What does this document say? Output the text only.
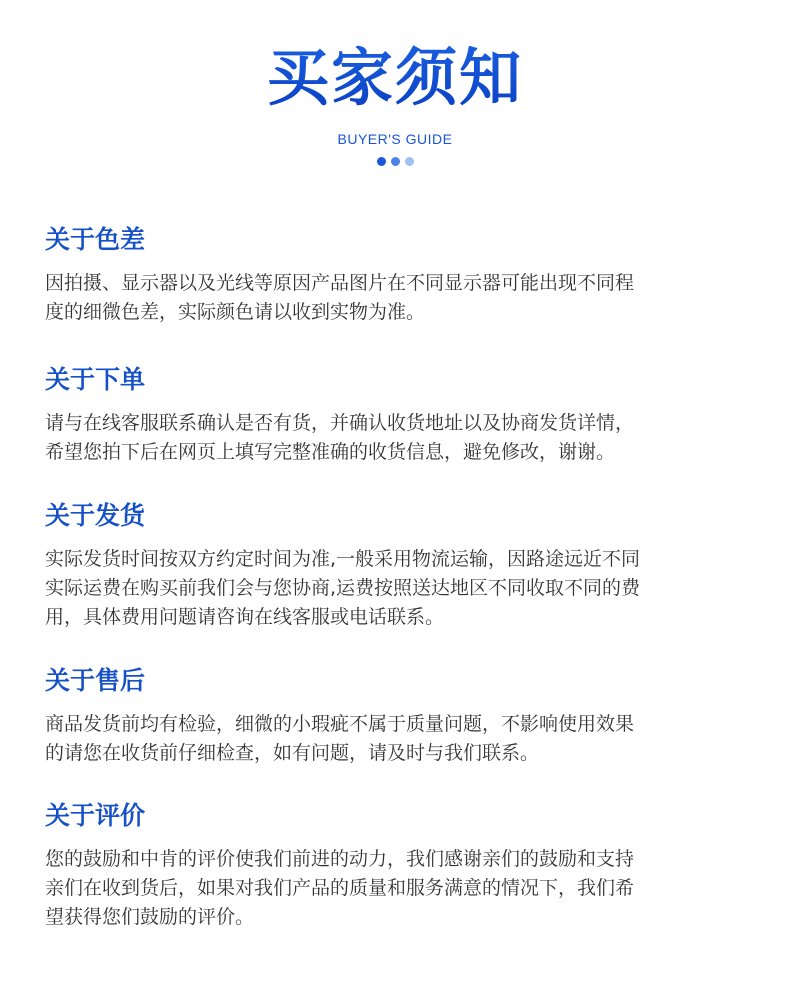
买家须知
BUYER'S GUIDE
关于色差
因拍摄、显示器以及光线等原因产品图片在不同显示器可能出现不同程
度的细微色差，实际颜色请以收到实物为准。
关于下单
请与在线客服联系确认是否有货，并确认收货地址以及协商发货详情，
希望您拍下后在网页上填写完整准确的收货信息，避免修改，谢谢。
关于发货
实际发货时间按双方约定时间为准,一般采用物流运输，因路途远近不同
实际运费在购买前我们会与您协商,运费按照送达地区不同收取不同的费
用，具体费用问题请咨询在线客服或电话联系。
关于售后
商品发货前均有检验，细微的小瑕疵不属于质量问题，不影响使用效果
的请您在收货前仔细检查，如有问题，请及时与我们联系。
关于评价
您的鼓励和中肯的评价使我们前进的动力，我们感谢亲们的鼓励和支持
亲们在收到货后，如果对我们产品的质量和服务满意的情况下，我们希
望获得您们鼓励的评价。
